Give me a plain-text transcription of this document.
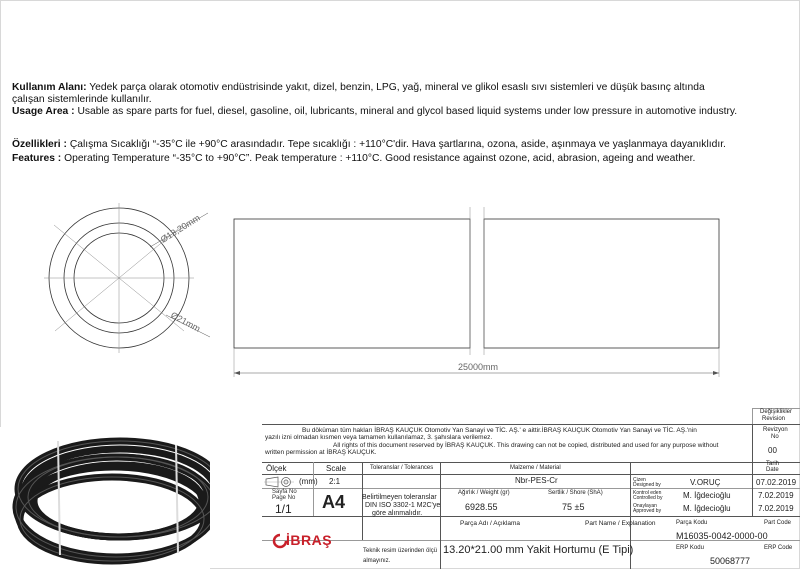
Kullanım Alanı: Yedek parça olarak otomotiv endüstrisinde yakıt, dizel, benzin, LPG, yağ, mineral ve glikol esaslı sıvı sistemleri ve düşük basınç altında
çalışan sistemlerinde kullanılır.
Usage Area : Usable as spare parts for fuel, diesel, gasoline, oil, lubricants, mineral and glycol based liquid systems under low pressure in automotive industry.
Özellikleri : Çalışma Sıcaklığı “-35°C ile +90°C arasındadır. Tepe sıcaklığı : +110°C'dir. Hava şartlarına, ozona, aside, aşınmaya ve yaşlanmaya dayanıklıdır.
Features : Operating Temperature “-35°C to +90°C”. Peak temperature : +110°C. Good resistance against ozone, acid, abrasion, ageing and weather.
Ø13,20mm
Ø21mm
25000mm
Değişiklikler
Revision
Revizyon
No
00
Bu döküman tüm hakları İBRAŞ KAUÇUK Otomotiv Yan Sanayi ve TİC. AŞ.' e aittir.İBRAŞ KAUÇUK Otomotiv Yan Sanayi ve TİC. AŞ.'nin
yazılı izni olmadan kısmen veya tamamen kullanılamaz, 3. şahıslara verilemez.
All rights of this document reserved by İBRAŞ KAUÇUK. This drawing can not be copied, distributed and used for any purpose without
written permission at İBRAŞ KAUÇUK.
Tarih
Date
Ölçek	Scale
(mm) 2:1
Sayfa No
Page No
1/1 A4
Toleranslar / Tolerances
Belirtilmeyen toleranslar
DIN ISO 3302-1 M2C'ye
göre alınmalıdır.
Malzeme / Material
Nbr-PES-Cr
Ağırlık / Weight (gr)
6928.55
Sertlik / Shore (ShA)
75 ±5
Çizen
Designed by	V.ORUÇ	07.02.2019
Kontrol eden
Controlled by	M. İğdecioğlu	7.02.2019
Onaylayan
Approved by	M. İğdecioğlu	7.02.2019
Parça Adı / Açıklama	Part Name / Explanation
13.20*21.00 mm Yakit Hortumu (E Tipi)
Parça Kodu	Part Code
M16035-0042-0000-00
ERP Kodu	ERP Code
50068777
Teknik resim üzerinden ölçü
almayınız.
İBRAŞ
